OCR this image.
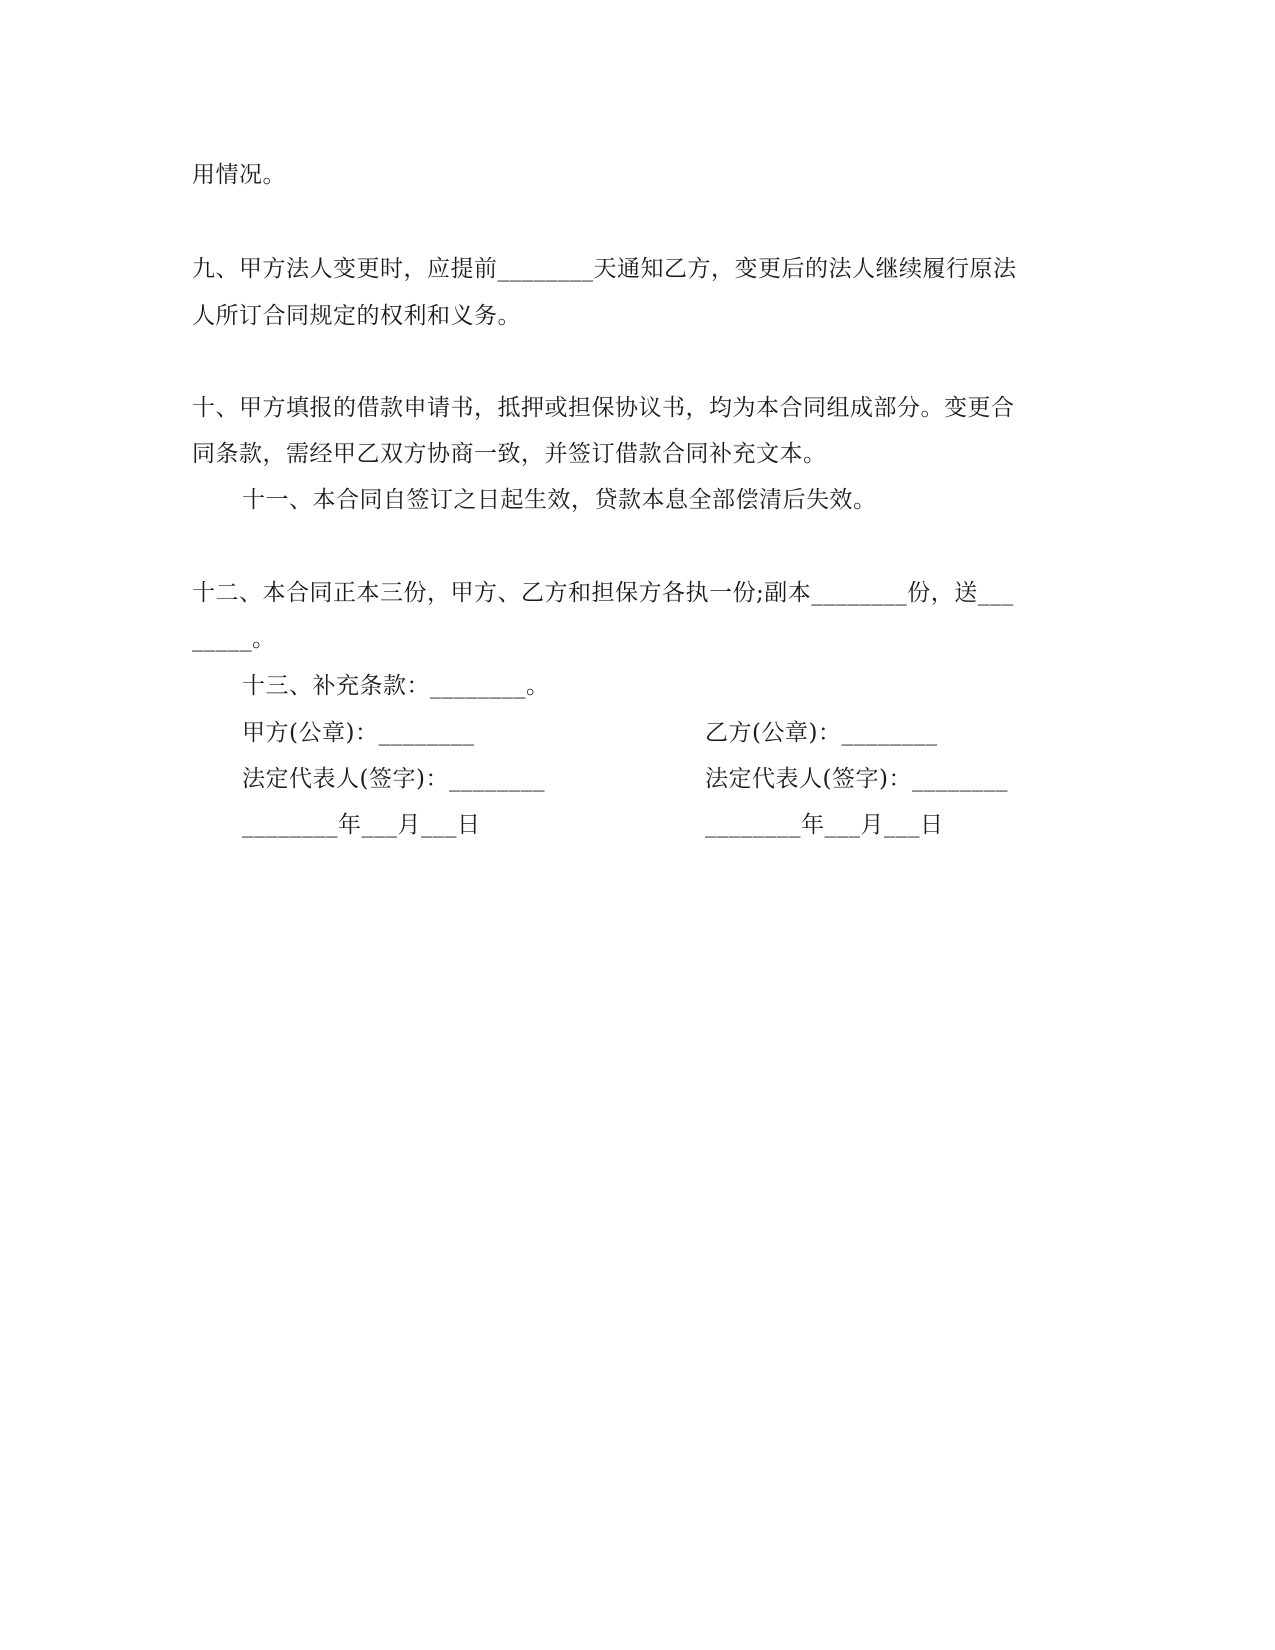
用情况。
九、甲方法人变更时，应提前________天通知乙方，变更后的法人继续履行原法
人所订合同规定的权利和义务。
十、甲方填报的借款申请书，抵押或担保协议书，均为本合同组成部分。变更合
同条款，需经甲乙双方协商一致，并签订借款合同补充文本。
十一、本合同自签订之日起生效，贷款本息全部偿清后失效。
十二、本合同正本三份，甲方、乙方和担保方各执一份;副本________份，送___
_____。
十三、补充条款：________。
甲方(公章)：________	乙方(公章)：________
法定代表人(签字)：________	法定代表人(签字)：________
________年___月___日	________年___月___日
